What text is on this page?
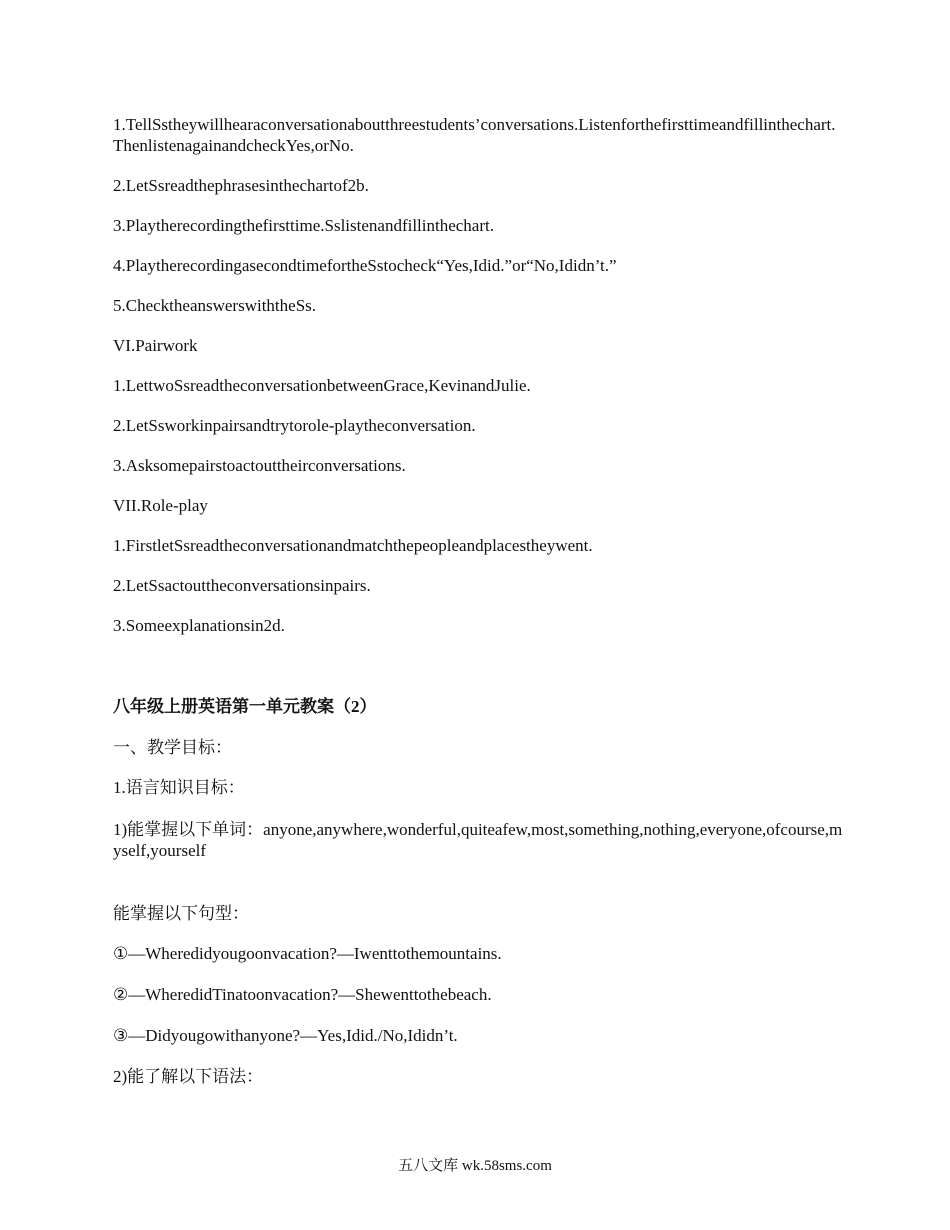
1.TellSstheywillhearaconversationaboutthreestudents’conversations.Listenforthefirsttimeandfillinthechart.ThenlistenagainandcheckYes,orNo.

2.LetSsreadthephrasesinthechartof2b.

3.Playtherecordingthefirsttime.Sslistenandfillinthechart.

4.PlaytherecordingasecondtimefortheSstocheck“Yes,Idid.”or“No,Ididn’t.”

5.ChecktheanswerswiththeSs.

VI.Pairwork

1.LettwoSsreadtheconversationbetweenGrace,KevinandJulie.

2.LetSsworkinpairsandtrytorole-playtheconversation.

3.Asksomepairstoactouttheirconversations.

VII.Role-play

1.FirstletSsreadtheconversationandmatchthepeopleandplacestheywent.

2.LetSsactouttheconversationsinpairs.

3.Someexplanationsin2d.

八年级上册英语第一单元教案（2）

一、教学目标：

1.语言知识目标：

1)能掌握以下单词：anyone,anywhere,wonderful,quiteafew,most,something,nothing,everyone,ofcourse,myself,yourself

能掌握以下句型：

①—Wheredidyougoonvacation?—Iwenttothemountains.

②—WheredidTinatoonvacation?—Shewenttothebeach.

③—Didyougowithanyone?—Yes,Idid./No,Ididn’t.

2)能了解以下语法：

五八文库 wk.58sms.com
